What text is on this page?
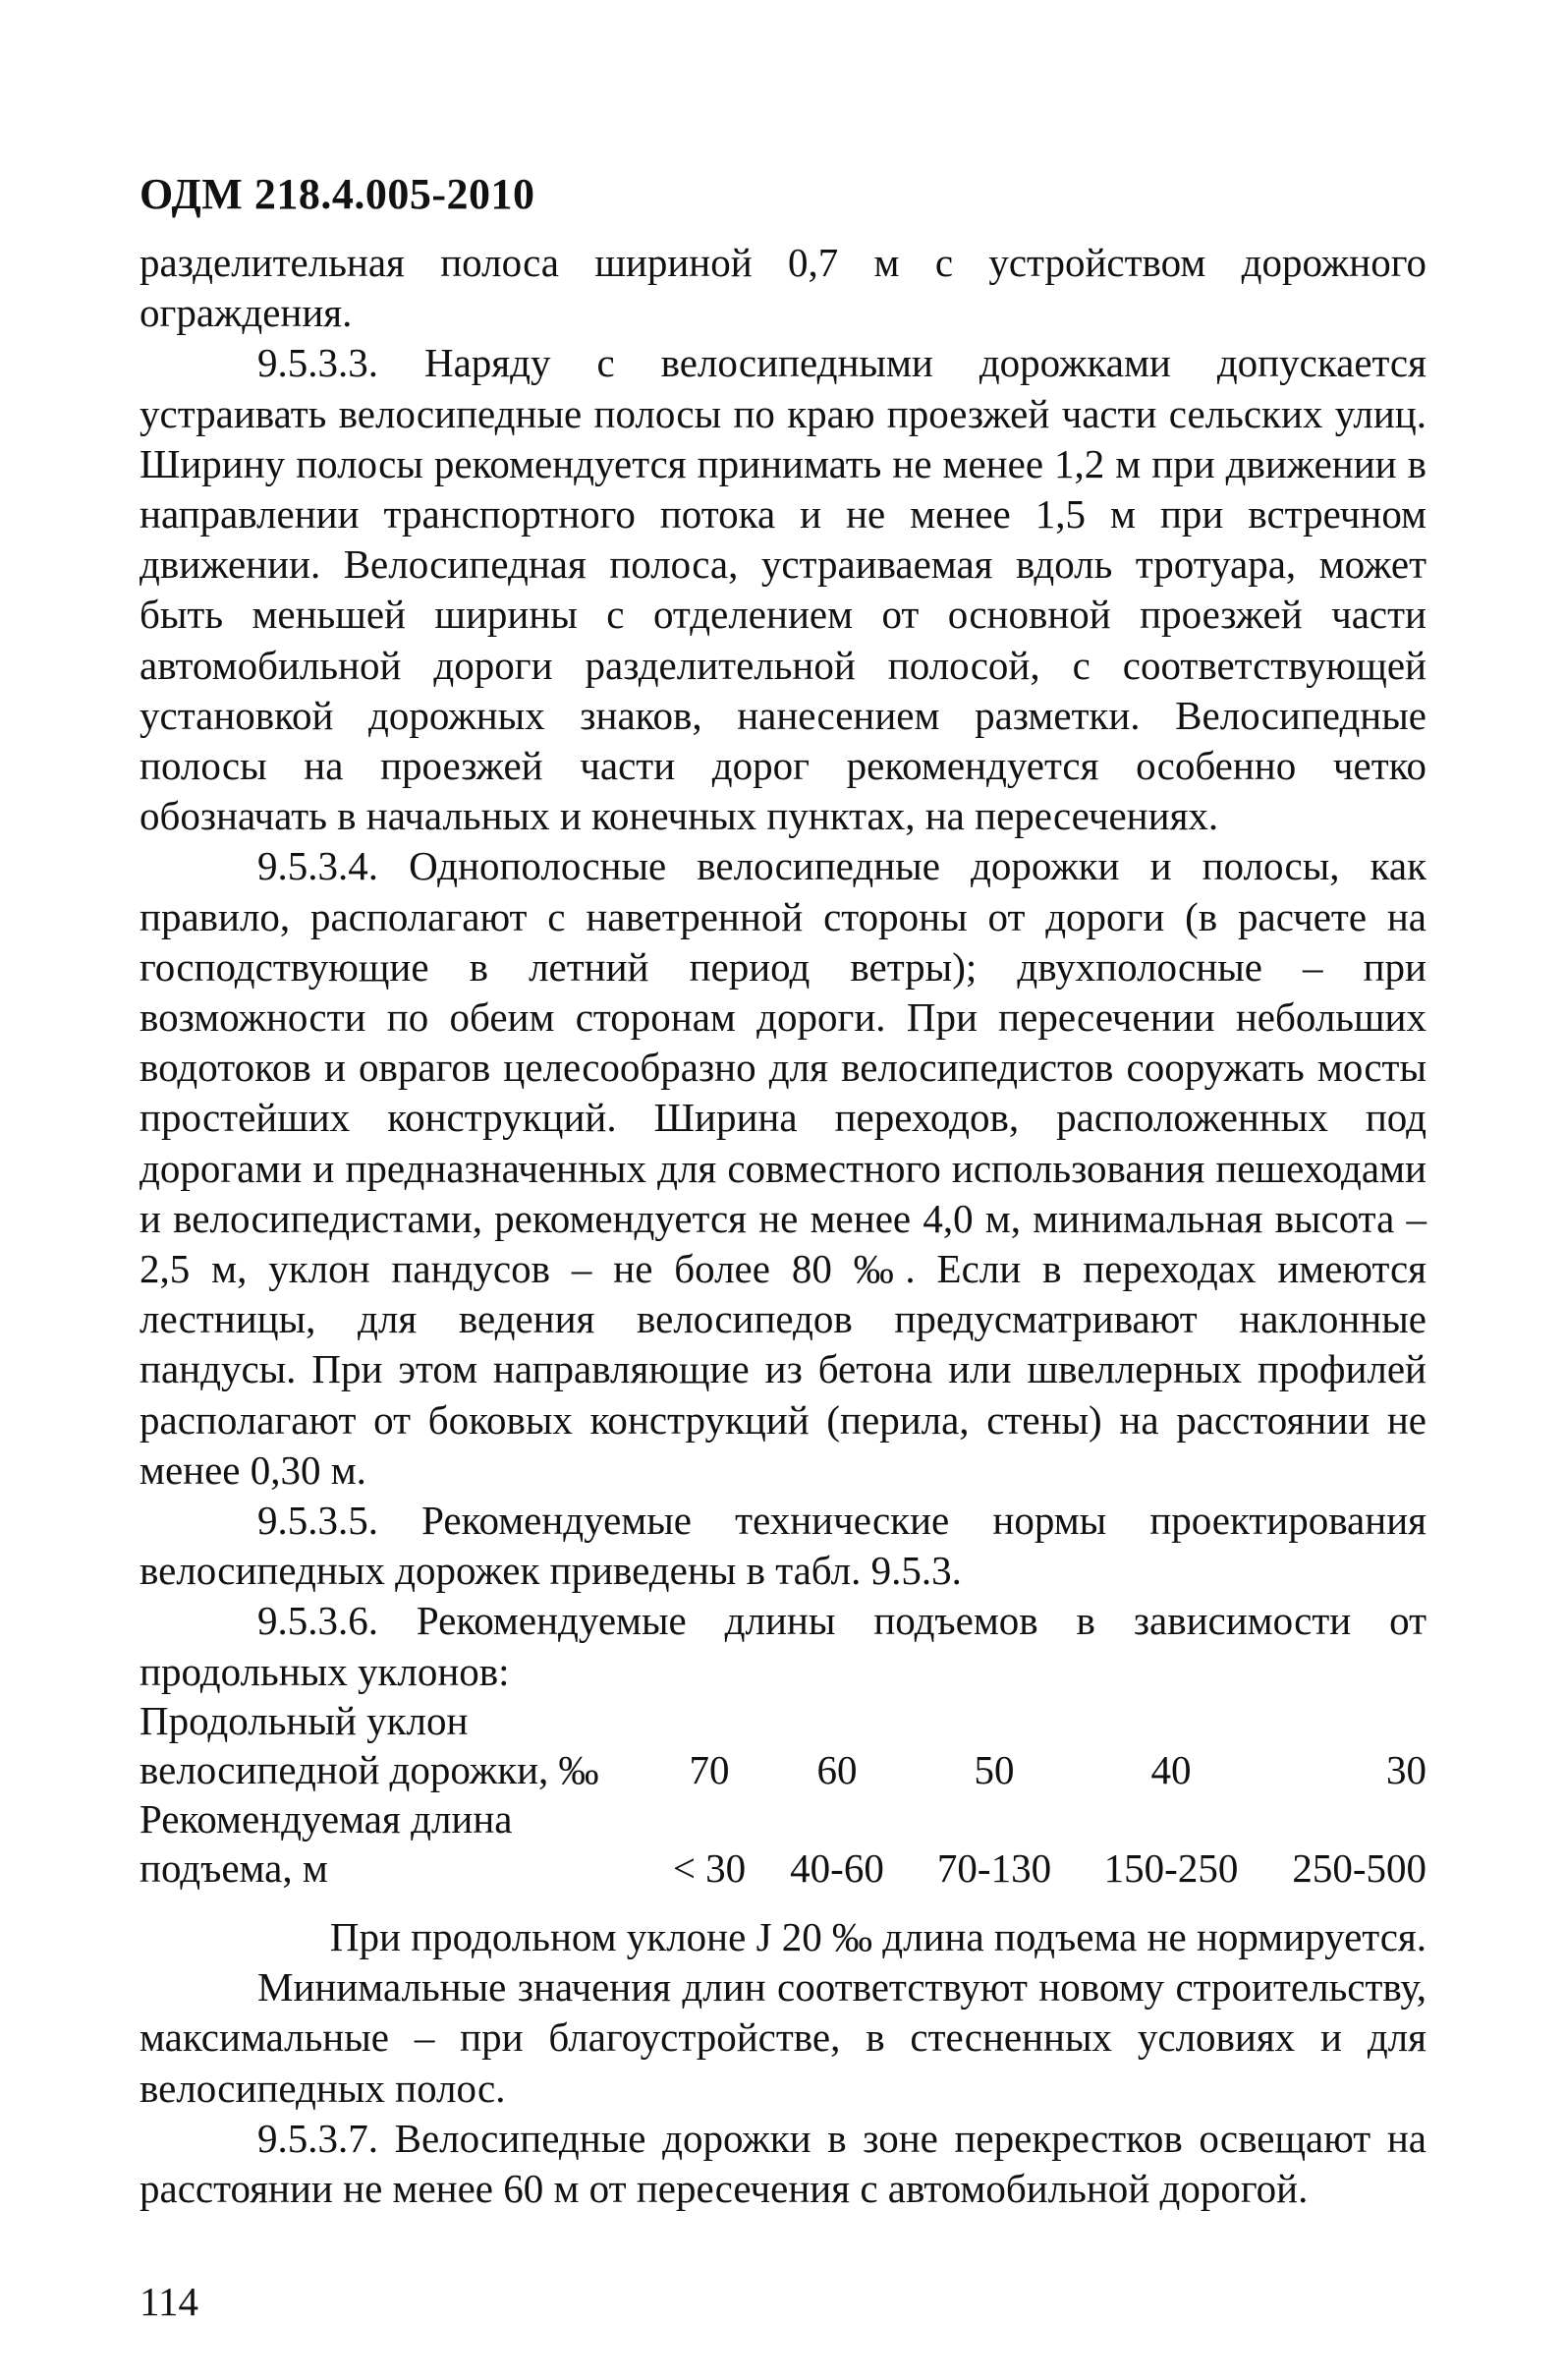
ОДМ 218.4.005-2010

разделительная полоса шириной 0,7 м с устройством дорожного ограждения.

9.5.3.3. Наряду с велосипедными дорожками допускается устраивать велосипедные полосы по краю проезжей части сельских улиц. Ширину полосы рекомендуется принимать не менее 1,2 м при движении в направлении транспортного потока и не менее 1,5 м при встречном движении. Велосипедная полоса, устраиваемая вдоль тротуара, может быть меньшей ширины с отделением от основной проезжей части автомобильной дороги разделительной полосой, с соответствующей установкой дорожных знаков, нанесением разметки. Велосипедные полосы на проезжей части дорог рекомендуется особенно четко обозначать в начальных и конечных пунктах, на пересечениях.

9.5.3.4. Однополосные велосипедные дорожки и полосы, как правило, располагают с наветренной стороны от дороги (в расчете на господствующие в летний период ветры); двухполосные – при возможности по обеим сторонам дороги. При пересечении небольших водотоков и оврагов целесообразно для велосипедистов сооружать мосты простейших конструкций. Ширина переходов, расположенных под дорогами и предназначенных для совместного использования пешеходами и велосипедистами, рекомендуется не менее 4,0 м, минимальная высота – 2,5 м, уклон пандусов – не более 80 ‰. Если в переходах имеются лестницы, для ведения велосипедов предусматривают наклонные пандусы. При этом направляющие из бетона или швеллерных профилей располагают от боковых конструкций (перила, стены) на расстоянии не менее 0,30 м.

9.5.3.5. Рекомендуемые технические нормы проектирования велосипедных дорожек приведены в табл. 9.5.3.

9.5.3.6. Рекомендуемые длины подъемов в зависимости от продольных уклонов:

Продольный уклон
велосипедной дорожки, ‰	70	60	50	40	30
Рекомендуемая длина
подъема, м	< 30	40-60	70-130	150-250	250-500

При продольном уклоне J 20 ‰ длина подъема не нормируется.

Минимальные значения длин соответствуют новому строительству, максимальные – при благоустройстве, в стесненных условиях и для велосипедных полос.

9.5.3.7. Велосипедные дорожки в зоне перекрестков освещают на расстоянии не менее 60 м от пересечения с автомобильной дорогой.

114
